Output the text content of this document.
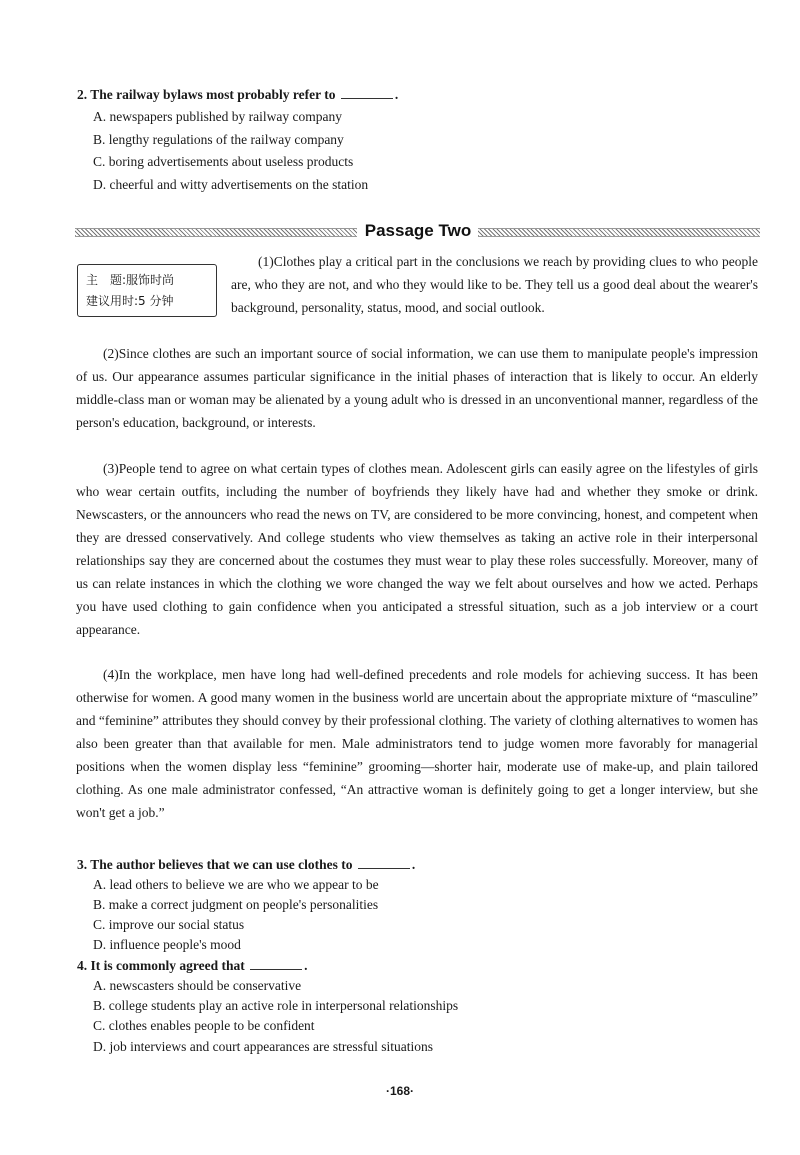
2. The railway bylaws most probably refer to	.
A. newspapers published by railway company
B. lengthy regulations of the railway company
C. boring advertisements about useless products
D. cheerful and witty advertisements on the station
Passage Two
主　题:服饰时尚
建议用时:5 分钟
(1)Clothes play a critical part in the conclusions we reach by providing clues to who people are, who they are not, and who they would like to be. They tell us a good deal about the wearer's background, personality, status, mood, and social outlook.
(2)Since clothes are such an important source of social information, we can use them to manipulate people's impression of us. Our appearance assumes particular significance in the initial phases of interaction that is likely to occur. An elderly middle-class man or woman may be alienated by a young adult who is dressed in an unconventional manner, regardless of the person's education, background, or interests.
(3)People tend to agree on what certain types of clothes mean. Adolescent girls can easily agree on the lifestyles of girls who wear certain outfits, including the number of boyfriends they likely have had and whether they smoke or drink. Newscasters, or the announcers who read the news on TV, are considered to be more convincing, honest, and competent when they are dressed conservatively. And college students who view themselves as taking an active role in their interpersonal relationships say they are concerned about the costumes they must wear to play these roles successfully. Moreover, many of us can relate instances in which the clothing we wore changed the way we felt about ourselves and how we acted. Perhaps you have used clothing to gain confidence when you anticipated a stressful situation, such as a job interview or a court appearance.
(4)In the workplace, men have long had well-defined precedents and role models for achieving success. It has been otherwise for women. A good many women in the business world are uncertain about the appropriate mixture of “masculine” and “feminine” attributes they should convey by their professional clothing. The variety of clothing alternatives to women has also been greater than that available for men. Male administrators tend to judge women more favorably for managerial positions when the women display less “feminine” grooming—shorter hair, moderate use of make-up, and plain tailored clothing. As one male administrator confessed, “An attractive woman is definitely going to get a longer interview, but she won't get a job.”
3. The author believes that we can use clothes to	.
A. lead others to believe we are who we appear to be
B. make a correct judgment on people's personalities
C. improve our social status
D. influence people's mood
4. It is commonly agreed that	.
A. newscasters should be conservative
B. college students play an active role in interpersonal relationships
C. clothes enables people to be confident
D. job interviews and court appearances are stressful situations
·168·
